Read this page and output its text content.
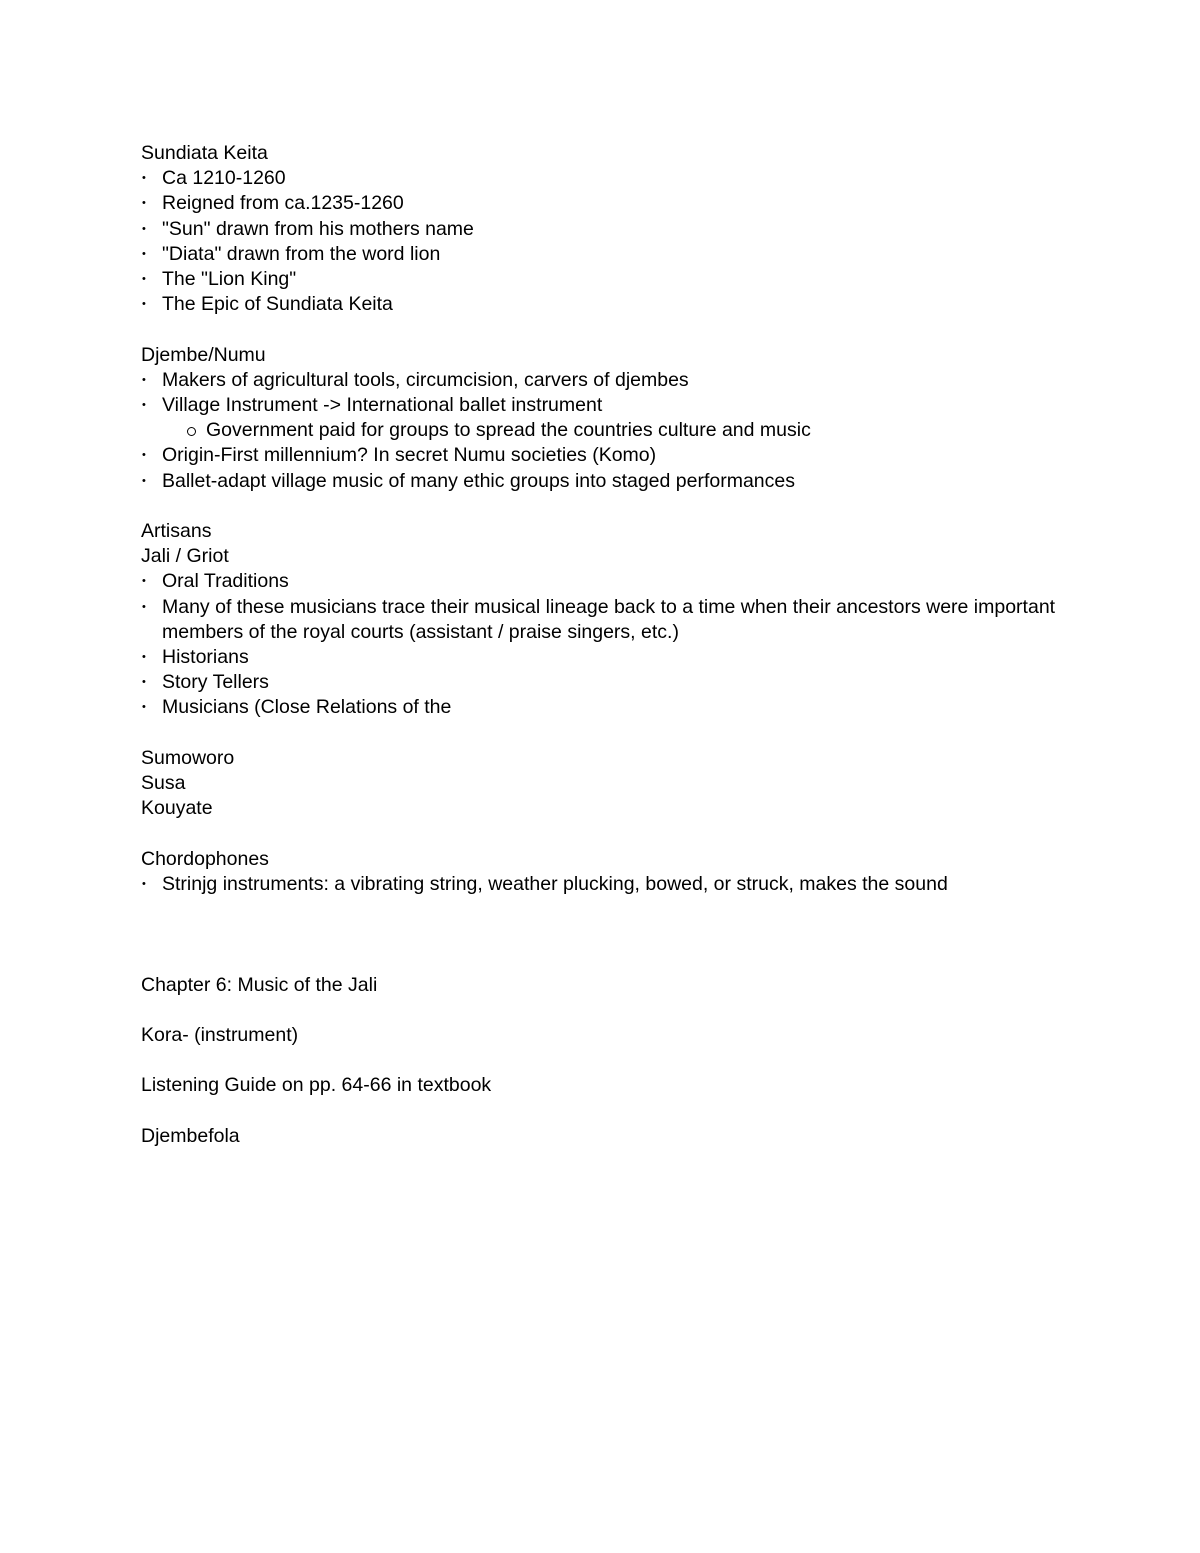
Sundiata Keita
• Ca 1210-1260
• Reigned from ca.1235-1260
• "Sun" drawn from his mothers name
• "Diata" drawn from the word lion
• The "Lion King"
• The Epic of Sundiata Keita
Djembe/Numu
• Makers of agricultural tools, circumcision, carvers of djembes
• Village Instrument -> International ballet instrument
Government paid for groups to spread the countries culture and music
• Origin-First millennium? In secret Numu societies (Komo)
• Ballet-adapt village music of many ethic groups into staged performances
Artisans
Jali / Griot
• Oral Traditions
• Many of these musicians trace their musical lineage back to a time when their ancestors were important members of the royal courts (assistant / praise singers, etc.)
• Historians
• Story Tellers
• Musicians (Close Relations of the
Sumoworo
Susa
Kouyate
Chordophones
• Strinjg instruments: a vibrating string, weather plucking, bowed, or struck, makes the sound
Chapter 6: Music of the Jali
Kora- (instrument)
Listening Guide on pp. 64-66 in textbook
Djembefola
